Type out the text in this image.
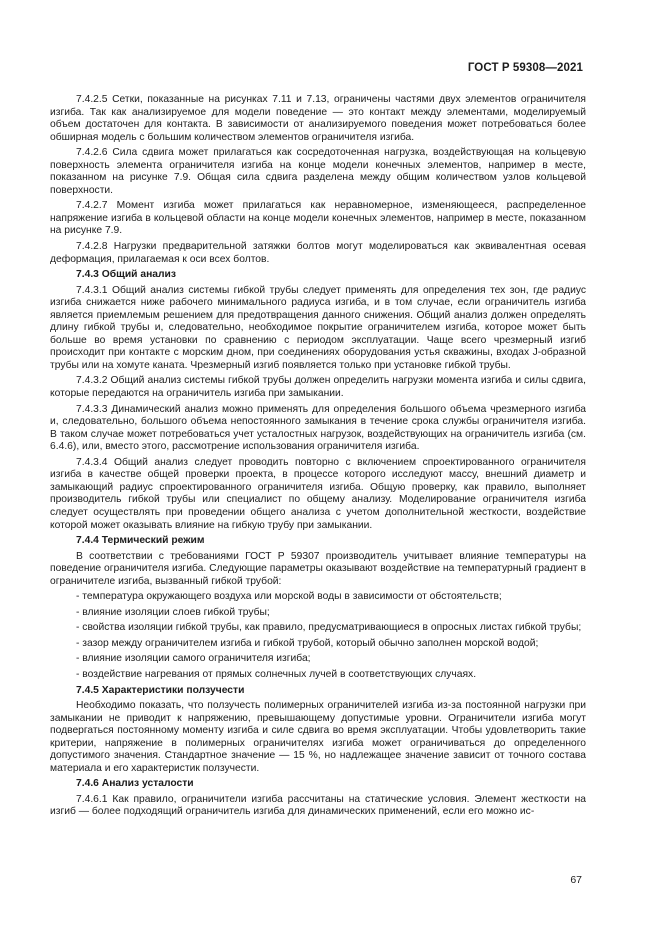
ГОСТ Р 59308—2021

7.4.2.5 Сетки, показанные на рисунках 7.11 и 7.13, ограничены частями двух элементов ограничителя изгиба. Так как анализируемое для модели поведение — это контакт между элементами, моделируемый объем достаточен для контакта. В зависимости от анализируемого поведения может потребоваться более обширная модель с большим количеством элементов ограничителя изгиба.

7.4.2.6 Сила сдвига может прилагаться как сосредоточенная нагрузка, воздействующая на кольцевую поверхность элемента ограничителя изгиба на конце модели конечных элементов, например в месте, показанном на рисунке 7.9. Общая сила сдвига разделена между общим количеством узлов кольцевой поверхности.

7.4.2.7 Момент изгиба может прилагаться как неравномерное, изменяющееся, распределенное напряжение изгиба в кольцевой области на конце модели конечных элементов, например в месте, показанном на рисунке 7.9.

7.4.2.8 Нагрузки предварительной затяжки болтов могут моделироваться как эквивалентная осевая деформация, прилагаемая к оси всех болтов.

7.4.3 Общий анализ

7.4.3.1 Общий анализ системы гибкой трубы следует применять для определения тех зон, где радиус изгиба снижается ниже рабочего минимального радиуса изгиба, и в том случае, если ограничитель изгиба является приемлемым решением для предотвращения данного снижения. Общий анализ должен определять длину гибкой трубы и, следовательно, необходимое покрытие ограничителем изгиба, которое может быть больше во время установки по сравнению с периодом эксплуатации. Чаще всего чрезмерный изгиб происходит при контакте с морским дном, при соединениях оборудования устья скважины, входах J-образной трубы или на хомуте каната. Чрезмерный изгиб появляется только при установке гибкой трубы.

7.4.3.2 Общий анализ системы гибкой трубы должен определить нагрузки момента изгиба и силы сдвига, которые передаются на ограничитель изгиба при замыкании.

7.4.3.3 Динамический анализ можно применять для определения большого объема чрезмерного изгиба и, следовательно, большого объема непостоянного замыкания в течение срока службы ограничителя изгиба. В таком случае может потребоваться учет усталостных нагрузок, воздействующих на ограничитель изгиба (см. 6.4.6), или, вместо этого, рассмотрение использования ограничителя изгиба.

7.4.3.4 Общий анализ следует проводить повторно с включением спроектированного ограничителя изгиба в качестве общей проверки проекта, в процессе которого исследуют массу, внешний диаметр и замыкающий радиус спроектированного ограничителя изгиба. Общую проверку, как правило, выполняет производитель гибкой трубы или специалист по общему анализу. Моделирование ограничителя изгиба следует осуществлять при проведении общего анализа с учетом дополнительной жесткости, воздействие которой может оказывать влияние на гибкую трубу при замыкании.

7.4.4 Термический режим

В соответствии с требованиями ГОСТ Р 59307 производитель учитывает влияние температуры на поведение ограничителя изгиба. Следующие параметры оказывают воздействие на температурный градиент в ограничителе изгиба, вызванный гибкой трубой:

- температура окружающего воздуха или морской воды в зависимости от обстоятельств;

- влияние изоляции слоев гибкой трубы;

- свойства изоляции гибкой трубы, как правило, предусматривающиеся в опросных листах гибкой трубы;

- зазор между ограничителем изгиба и гибкой трубой, который обычно заполнен морской водой;

- влияние изоляции самого ограничителя изгиба;

- воздействие нагревания от прямых солнечных лучей в соответствующих случаях.

7.4.5 Характеристики ползучести

Необходимо показать, что ползучесть полимерных ограничителей изгиба из-за постоянной нагрузки при замыкании не приводит к напряжению, превышающему допустимые уровни. Ограничители изгиба могут подвергаться постоянному моменту изгиба и силе сдвига во время эксплуатации. Чтобы удовлетворить такие критерии, напряжение в полимерных ограничителях изгиба может ограничиваться до определенного допустимого значения. Стандартное значение — 15 %, но надлежащее значение зависит от точного состава материала и его характеристик ползучести.

7.4.6 Анализ усталости

7.4.6.1 Как правило, ограничители изгиба рассчитаны на статические условия. Элемент жесткости на изгиб — более подходящий ограничитель изгиба для динамических применений, если его можно ис-

67
